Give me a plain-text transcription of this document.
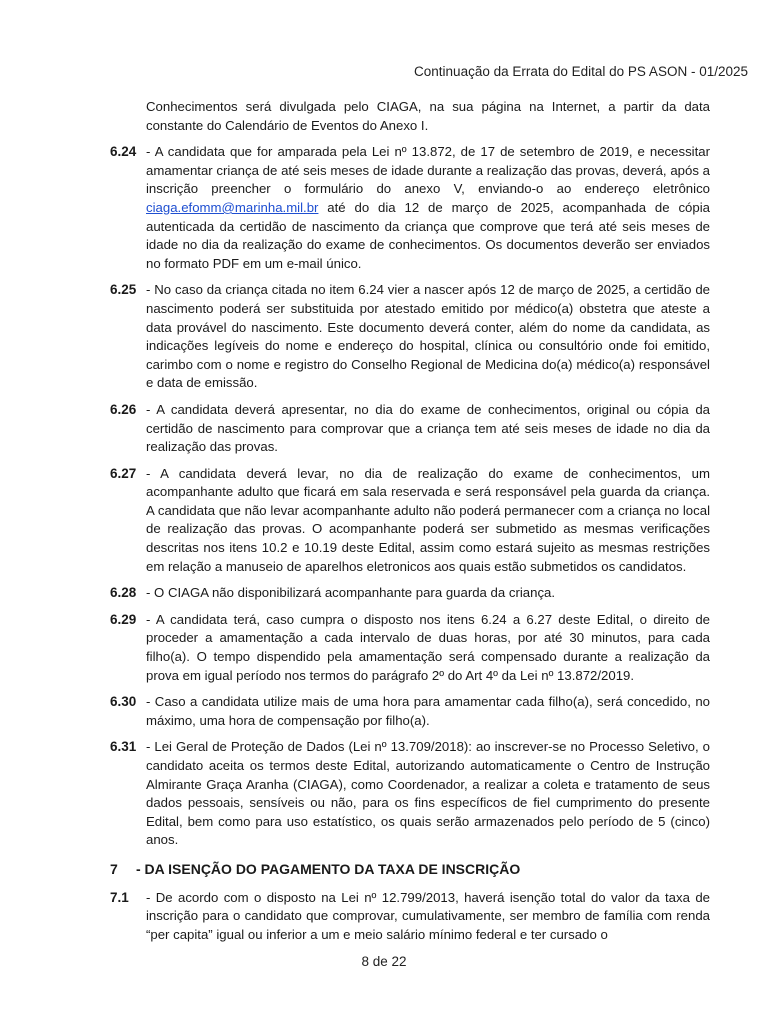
Continuação da Errata do Edital do PS ASON - 01/2025
Conhecimentos será divulgada pelo CIAGA, na sua página na Internet, a partir da data constante do Calendário de Eventos do Anexo I.
6.24 - A candidata que for amparada pela Lei nº 13.872, de 17 de setembro de 2019, e necessitar amamentar criança de até seis meses de idade durante a realização das provas, deverá, após a inscrição preencher o formulário do anexo V, enviando-o ao endereço eletrônico ciaga.efomm@marinha.mil.br até do dia 12 de março de 2025, acompanhada de cópia autenticada da certidão de nascimento da criança que comprove que terá até seis meses de idade no dia da realização do exame de conhecimentos. Os documentos deverão ser enviados no formato PDF em um e-mail único.
6.25 - No caso da criança citada no item 6.24 vier a nascer após 12 de março de 2025, a certidão de nascimento poderá ser substituida por atestado emitido por médico(a) obstetra que ateste a data provável do nascimento. Este documento deverá conter, além do nome da candidata, as indicações legíveis do nome e endereço do hospital, clínica ou consultório onde foi emitido, carimbo com o nome e registro do Conselho Regional de Medicina do(a) médico(a) responsável e data de emissão.
6.26 - A candidata deverá apresentar, no dia do exame de conhecimentos, original ou cópia da certidão de nascimento para comprovar que a criança tem até seis meses de idade no dia da realização das provas.
6.27 - A candidata deverá levar, no dia de realização do exame de conhecimentos, um acompanhante adulto que ficará em sala reservada e será responsável pela guarda da criança. A candidata que não levar acompanhante adulto não poderá permanecer com a criança no local de realização das provas. O acompanhante poderá ser submetido as mesmas verificações descritas nos itens 10.2 e 10.19 deste Edital, assim como estará sujeito as mesmas restrições em relação a manuseio de aparelhos eletronicos aos quais estão submetidos os candidatos.
6.28 - O CIAGA não disponibilizará acompanhante para guarda da criança.
6.29 - A candidata terá, caso cumpra o disposto nos itens 6.24 a 6.27 deste Edital, o direito de proceder a amamentação a cada intervalo de duas horas, por até 30 minutos, para cada filho(a). O tempo dispendido pela amamentação será compensado durante a realização da prova em igual período nos termos do parágrafo 2º do Art 4º da Lei nº 13.872/2019.
6.30 - Caso a candidata utilize mais de uma hora para amamentar cada filho(a), será concedido, no máximo, uma hora de compensação por filho(a).
6.31 - Lei Geral de Proteção de Dados (Lei nº 13.709/2018): ao inscrever-se no Processo Seletivo, o candidato aceita os termos deste Edital, autorizando automaticamente o Centro de Instrução Almirante Graça Aranha (CIAGA), como Coordenador, a realizar a coleta e tratamento de seus dados pessoais, sensíveis ou não, para os fins específicos de fiel cumprimento do presente Edital, bem como para uso estatístico, os quais serão armazenados pelo período de 5 (cinco) anos.
7 - DA ISENÇÃO DO PAGAMENTO DA TAXA DE INSCRIÇÃO
7.1 - De acordo com o disposto na Lei nº 12.799/2013, haverá isenção total do valor da taxa de inscrição para o candidato que comprovar, cumulativamente, ser membro de família com renda “per capita” igual ou inferior a um e meio salário mínimo federal e ter cursado o
8 de 22
